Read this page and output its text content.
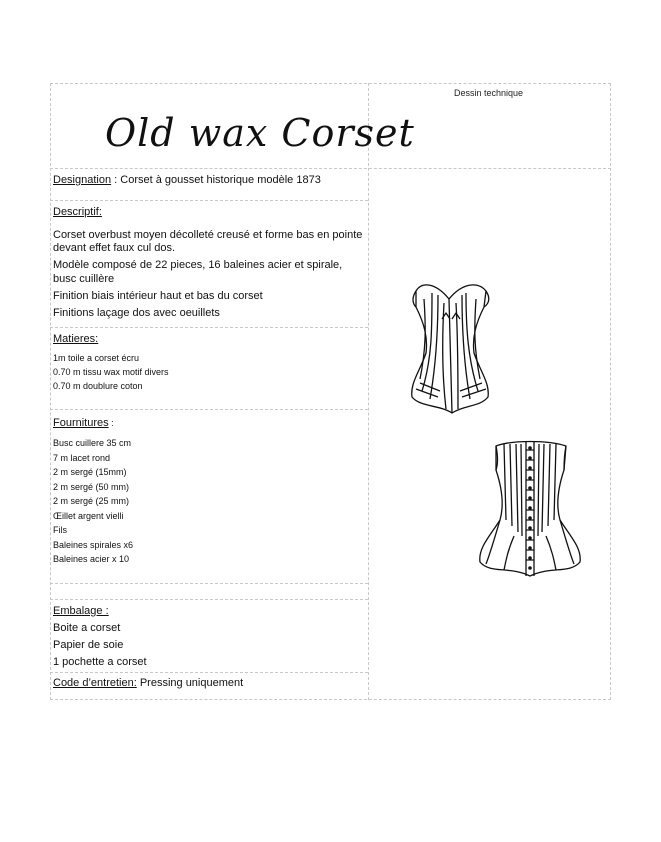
Old wax Corset
Dessin technique
Designation : Corset à gousset historique modèle 1873
Descriptif:
Corset overbust moyen décolleté creusé et forme bas en pointe
devant effet faux cul dos.
Modèle composé de 22 pieces, 16 baleines acier et spirale,
busc cuillère
Finition biais intérieur haut et bas du corset
Finitions laçage dos avec oeuillets
Matieres:
1m toile a corset écru
0.70 m tissu wax motif divers
0.70 m doublure coton
Fournitures :
Busc cuillere 35 cm
7 m lacet rond
2 m sergé (15mm)
2 m sergé (50 mm)
2 m sergé (25 mm)
Œillet argent vielli
Fils
Baleines spirales x6
Baleines acier x 10
Embalage :
Boite a corset
Papier de soie
1 pochette a corset
Code d’entretien: Pressing uniquement
